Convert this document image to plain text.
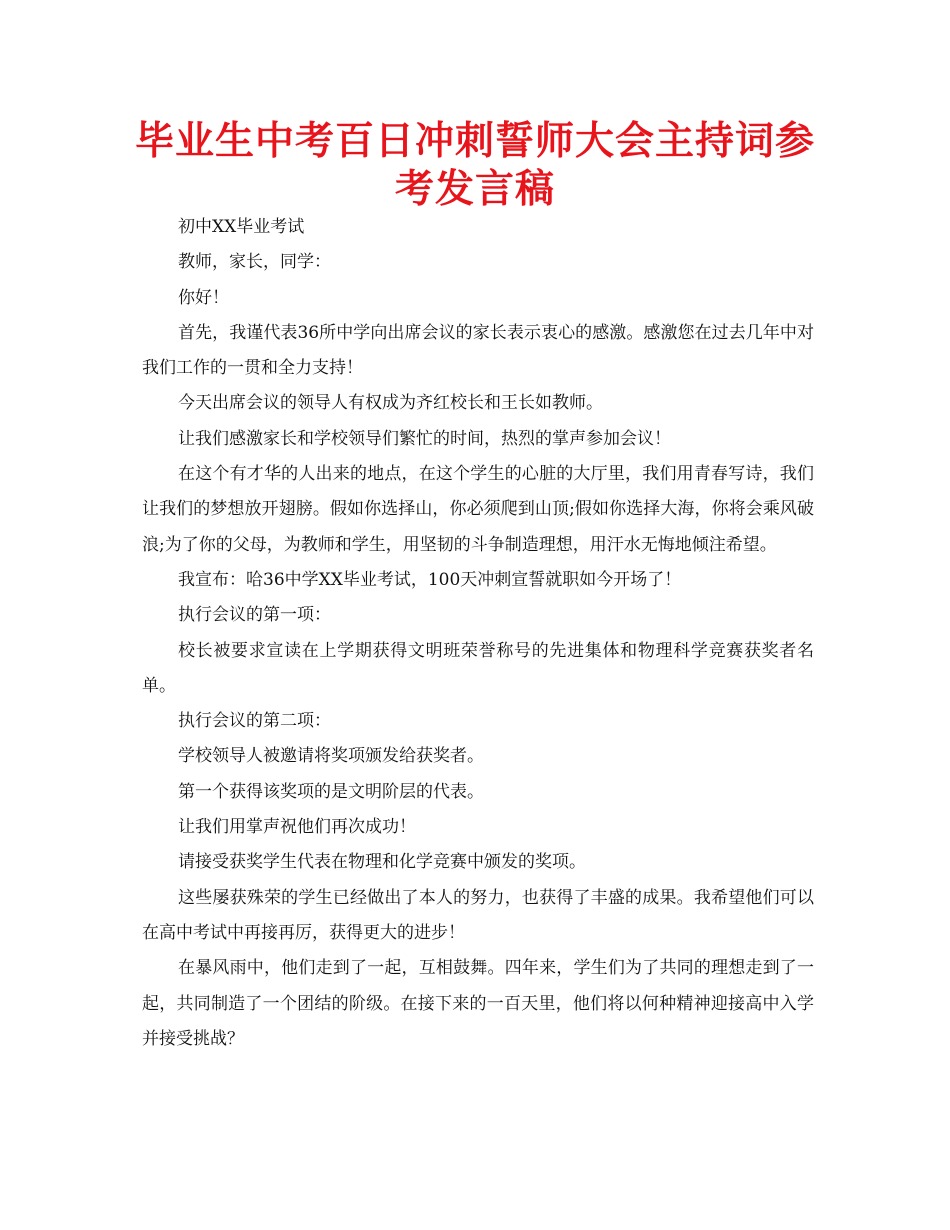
毕业生中考百日冲刺誓师大会主持词参考发言稿

初中XX毕业考试

教师，家长，同学：

你好！

首先，我谨代表36所中学向出席会议的家长表示衷心的感激。感激您在过去几年中对我们工作的一贯和全力支持！

今天出席会议的领导人有权成为齐红校长和王长如教师。

让我们感激家长和学校领导们繁忙的时间，热烈的掌声参加会议！

在这个有才华的人出来的地点，在这个学生的心脏的大厅里，我们用青春写诗，我们让我们的梦想放开翅膀。假如你选择山，你必须爬到山顶;假如你选择大海，你将会乘风破浪;为了你的父母，为教师和学生，用坚韧的斗争制造理想，用汗水无悔地倾注希望。

我宣布：哈36中学XX毕业考试，100天冲刺宣誓就职如今开场了！

执行会议的第一项：

校长被要求宣读在上学期获得文明班荣誉称号的先进集体和物理科学竞赛获奖者名单。

执行会议的第二项：

学校领导人被邀请将奖项颁发给获奖者。

第一个获得该奖项的是文明阶层的代表。

让我们用掌声祝他们再次成功！

请接受获奖学生代表在物理和化学竞赛中颁发的奖项。

这些屡获殊荣的学生已经做出了本人的努力，也获得了丰盛的成果。我希望他们可以在高中考试中再接再厉，获得更大的进步！

在暴风雨中，他们走到了一起，互相鼓舞。四年来，学生们为了共同的理想走到了一起，共同制造了一个团结的阶级。在接下来的一百天里，他们将以何种精神迎接高中入学并接受挑战？
